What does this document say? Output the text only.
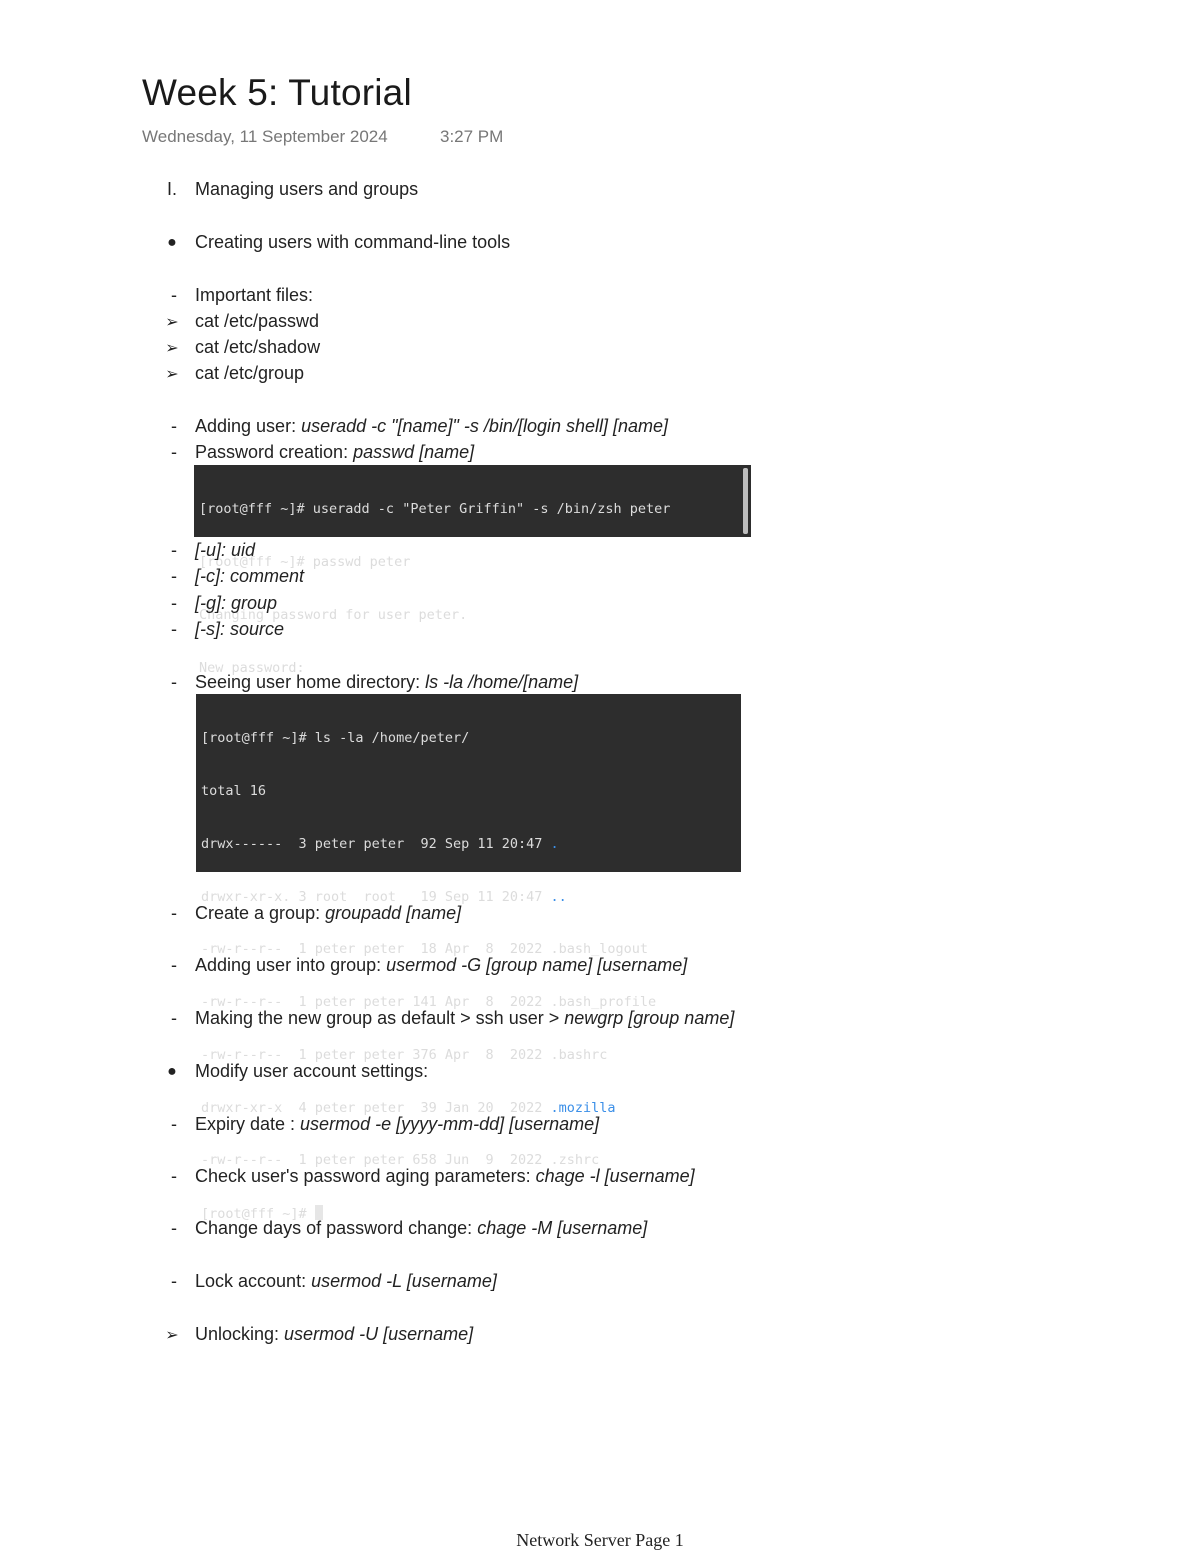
Week 5: Tutorial
Wednesday, 11 September 2024	3:27 PM
I. Managing users and groups
● Creating users with command-line tools
- Important files:
➢ cat /etc/passwd
➢ cat /etc/shadow
➢ cat /etc/group
- Adding user: useradd -c "[name]" -s /bin/[login shell] [name]
- Password creation: passwd [name]

[root@fff ~]# useradd -c "Peter Griffin" -s /bin/zsh peter

[root@fff ~]# passwd peter

Changing password for user peter.

New password:

- [-u]: uid
- [-c]: comment
- [-g]: group
- [-s]: source
- Seeing user home directory: ls -la /home/[name]

[root@fff ~]# ls -la /home/peter/

total 16

drwx------  3 peter peter  92 Sep 11 20:47 .

drwxr-xr-x. 3 root  root   19 Sep 11 20:47 ..

-rw-r--r--  1 peter peter  18 Apr  8  2022 .bash_logout

-rw-r--r--  1 peter peter 141 Apr  8  2022 .bash_profile

-rw-r--r--  1 peter peter 376 Apr  8  2022 .bashrc

drwxr-xr-x  4 peter peter  39 Jan 20  2022 .mozilla

-rw-r--r--  1 peter peter 658 Jun  9  2022 .zshrc

[root@fff ~]#

- Create a group: groupadd [name]
- Adding user into group: usermod -G [group name] [username]
- Making the new group as default > ssh user > newgrp [group name]
● Modify user account settings:
- Expiry date : usermod -e [yyyy-mm-dd] [username]
- Check user's password aging parameters: chage -l [username]
- Change days of password change: chage -M [username]
- Lock account: usermod -L [username]
➢ Unlocking: usermod -U [username]
Network Server Page 1
